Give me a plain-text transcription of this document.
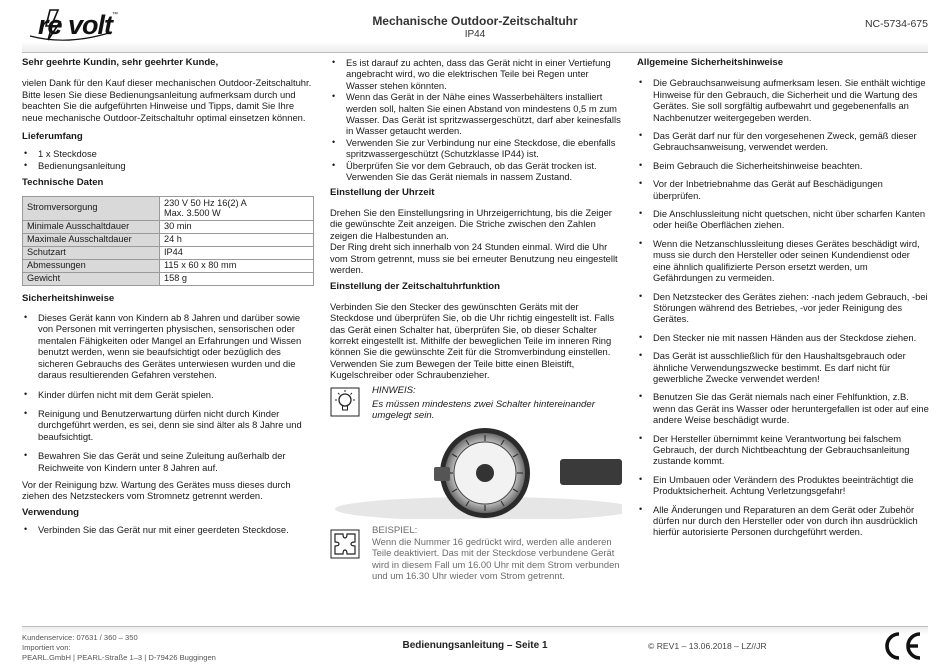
re volt ™	Mechanische Outdoor-Zeitschaltuhr
IP44
NC-5734-675
Sehr geehrte Kundin, sehr geehrter Kunde,

vielen Dank für den Kauf dieser mechanischen Outdoor-Zeitschaltuhr.
Bitte lesen Sie diese Bedienungsanleitung aufmerksam durch und beachten Sie die aufgeführten Hinweise und Tipps, damit Sie Ihre neue mechanische Outdoor-Zeitschaltuhr optimal einsetzen können.

Lieferumfang
• 1 x Steckdose
• Bedienungsanleitung
Technische Daten
Stromversorgung	230 V 50 Hz 16(2) A
Max. 3.500 W
Minimale Ausschaltdauer	30 min
Maximale Ausschaltdauer	24 h
Schutzart	IP44
Abmessungen	115 x 60 x 80 mm
Gewicht	158 g
Sicherheitshinweise
• Dieses Gerät kann von Kindern ab 8 Jahren und darüber sowie von Personen mit verringerten physischen, sensorischen oder mentalen Fähigkeiten oder Mangel an Erfahrungen und Wissen benutzt werden, wenn sie beaufsichtigt oder bezüglich des sicheren Gebrauchs des Gerätes unterwiesen wurden und die daraus resultierenden Gefahren verstehen.
• Kinder dürfen nicht mit dem Gerät spielen.
• Reinigung und Benutzerwartung dürfen nicht durch Kinder durchgeführt werden, es sei, denn sie sind älter als 8 Jahre und beaufsichtigt.
• Bewahren Sie das Gerät und seine Zuleitung außerhalb der Reichweite von Kindern unter 8 Jahren auf.

Vor der Reinigung bzw. Wartung des Gerätes muss dieses durch ziehen des Netzsteckers vom Stromnetz getrennt werden.

Verwendung
• Verbinden Sie das Gerät nur mit einer geerdeten Steckdose.
• Es ist darauf zu achten, dass das Gerät nicht in einer Vertiefung angebracht wird, wo die elektrischen Teile bei Regen unter Wasser stehen könnten.
• Wenn das Gerät in der Nähe eines Wasserbehälters installiert werden soll, halten Sie einen Abstand von mindestens 0,5 m zum Wasser. Das Gerät ist spritzwassergeschützt, darf aber keinesfalls in Wasser getaucht werden.
• Verwenden Sie zur Verbindung nur eine Steckdose, die ebenfalls spritzwassergeschützt (Schutzklasse IP44) ist.
• Überprüfen Sie vor dem Gebrauch, ob das Gerät trocken ist. Verwenden Sie das Gerät niemals in nassem Zustand.
Einstellung der Uhrzeit

Drehen Sie den Einstellungsring in Uhrzeigerrichtung, bis die Zeiger die gewünschte Zeit anzeigen. Die Striche zwischen den Zahlen zeigen die Halbestunden an.
Der Ring dreht sich innerhalb von 24 Stunden einmal. Wird die Uhr vom Strom getrennt, muss sie bei erneuter Benutzung neu eingestellt werden.

Einstellung der Zeitschaltuhrfunktion

Verbinden Sie den Stecker des gewünschten Geräts mit der Steckdose und überprüfen Sie, ob die Uhr richtig eingestellt ist. Falls das Gerät einen Schalter hat, überprüfen Sie, ob dieser Schalter korrekt eingestellt ist. Mithilfe der beweglichen Teile im inneren Ring können Sie die gewünschte Zeit für die Stromverbindung einstellen. Verwenden Sie zum Bewegen der Teile bitte einen Bleistift, Kugelschreiber oder Schraubenzieher.

HINWEIS:
Es müssen mindestens zwei Schalter hintereinander umgelegt sein.
BEISPIEL:
Wenn die Nummer 16 gedrückt wird, werden alle anderen Teile deaktiviert. Das mit der Steckdose verbundene Gerät wird in diesem Fall um 16.00 Uhr mit dem Strom verbunden und um 16.30 Uhr wieder vom Strom getrennt.
Allgemeine Sicherheitshinweise
• Die Gebrauchsanweisung aufmerksam lesen. Sie enthält wichtige Hinweise für den Gebrauch, die Sicherheit und die Wartung des Gerätes. Sie soll sorgfältig aufbewahrt und gegebenenfalls an Nachbenutzer weitergegeben werden.
• Das Gerät darf nur für den vorgesehenen Zweck, gemäß dieser Gebrauchsanweisung, verwendet werden.
• Beim Gebrauch die Sicherheitshinweise beachten.
• Vor der Inbetriebnahme das Gerät auf Beschädigungen überprüfen.
• Die Anschlussleitung nicht quetschen, nicht über scharfen Kanten oder heiße Oberflächen ziehen.
• Wenn die Netzanschlussleitung dieses Gerätes beschädigt wird, muss sie durch den Hersteller oder seinen Kundendienst oder eine ähnlich qualifizierte Person ersetzt werden, um Gefährdungen zu vermeiden.
• Den Netzstecker des Gerätes ziehen: -nach jedem Gebrauch, -bei Störungen während des Betriebes, -vor jeder Reinigung des Gerätes.
• Den Stecker nie mit nassen Händen aus der Steckdose ziehen.
• Das Gerät ist ausschließlich für den Haushaltsgebrauch oder ähnliche Verwendungszwecke bestimmt. Es darf nicht für gewerbliche Zwecke verwendet werden!
• Benutzen Sie das Gerät niemals nach einer Fehlfunktion, z.B. wenn das Gerät ins Wasser oder heruntergefallen ist oder auf eine andere Weise beschädigt wurde.
• Der Hersteller übernimmt keine Verantwortung bei falschem Gebrauch, der durch Nichtbeachtung der Gebrauchsanleitung zustande kommt.
• Ein Umbauen oder Verändern des Produktes beeinträchtigt die Produktsicherheit. Achtung Verletzungsgefahr!
• Alle Änderungen und Reparaturen an dem Gerät oder Zubehör dürfen nur durch den Hersteller oder von durch ihn ausdrücklich hierfür autorisierte Personen durchgeführt werden.
Kundenservice: 07631 / 360 – 350
Importiert von:
PEARL.GmbH | PEARL-Straße 1–3 | D-79426 Buggingen
Bedienungsanleitung – Seite 1	© REV1 – 13.06.2018 – LZ//JR
